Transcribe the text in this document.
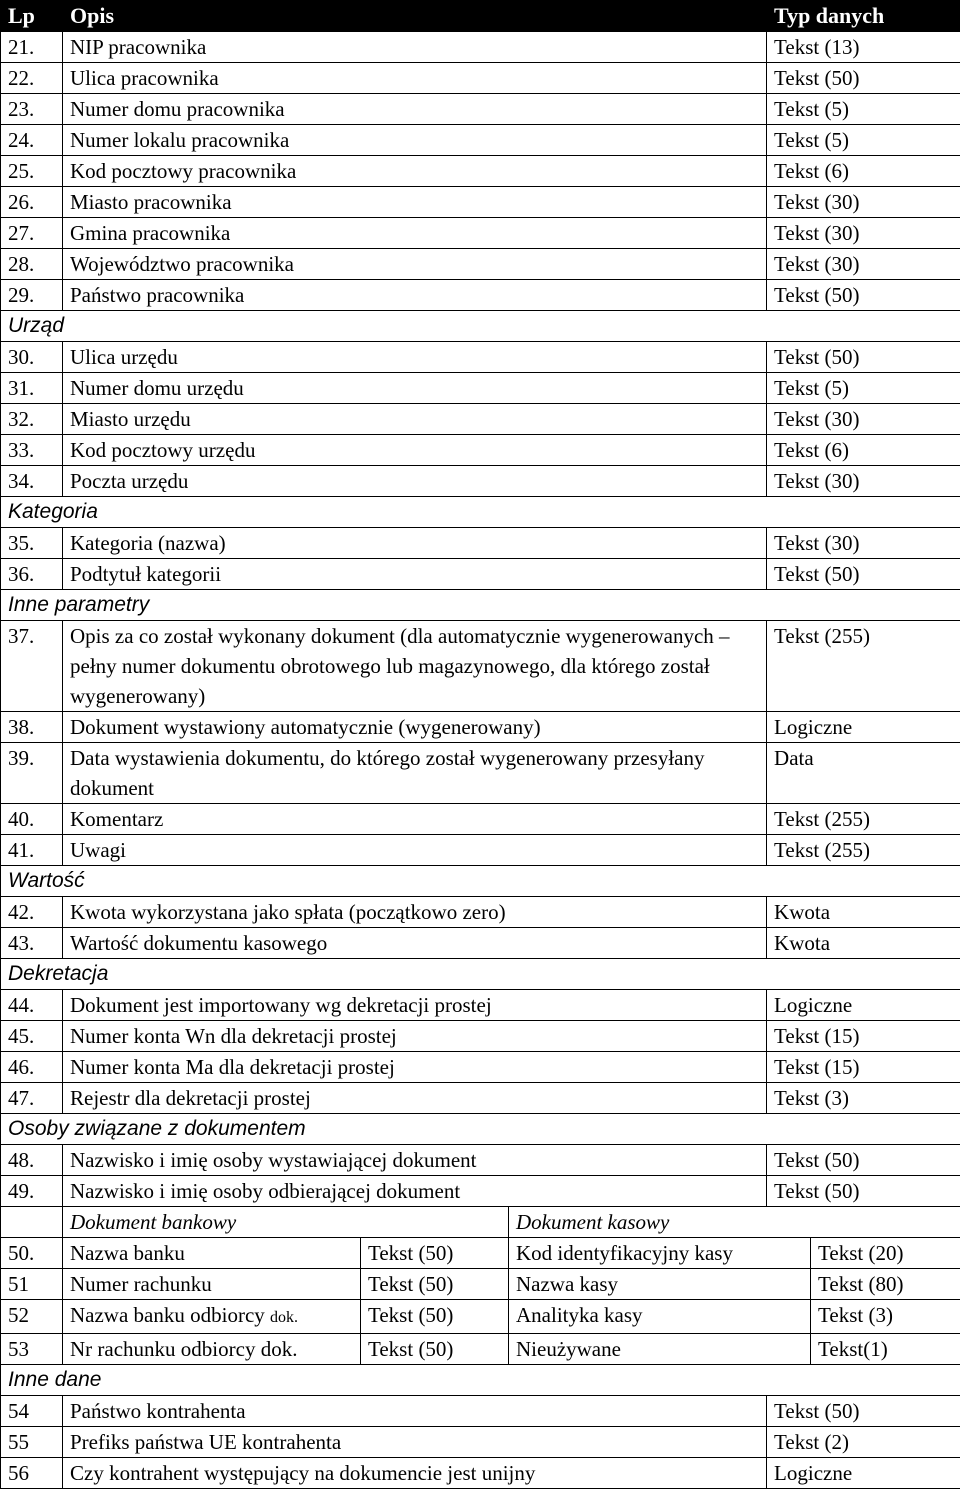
Lp	Opis			Typ danych	
21.	NIP pracownika			Tekst (13)	
22.	Ulica pracownika			Tekst (50)	
23.	Numer domu pracownika			Tekst (5)	
24.	Numer lokalu pracownika			Tekst (5)	
25.	Kod pocztowy pracownika			Tekst (6)	
26.	Miasto pracownika			Tekst (30)	
27.	Gmina pracownika			Tekst (30)	
28.	Województwo pracownika			Tekst (30)	
29.	Państwo pracownika			Tekst (50)	
Urząd					
30.	Ulica urzędu			Tekst (50)	
31.	Numer domu urzędu			Tekst (5)	
32.	Miasto urzędu			Tekst (30)	
33.	Kod pocztowy urzędu			Tekst (6)	
34.	Poczta urzędu			Tekst (30)	
Kategoria					
35.	Kategoria (nazwa)			Tekst (30)	
36.	Podtytuł kategorii			Tekst (50)	
Inne parametry					
37.	Opis za co został wykonany dokument (dla automatycznie wygenerowanych – pełny numer dokumentu obrotowego lub magazynowego, dla którego został wygenerowany)			Tekst (255)	
38.	Dokument wystawiony automatycznie (wygenerowany)			Logiczne	
39.	Data wystawienia dokumentu, do którego został wygenerowany przesyłany dokument			Data	
40.	Komentarz			Tekst (255)	
41.	Uwagi			Tekst (255)	
Wartość					
42.	Kwota wykorzystana jako spłata (początkowo zero)			Kwota	
43.	Wartość dokumentu kasowego			Kwota	
Dekretacja					
44.	Dokument jest importowany wg dekretacji prostej			Logiczne	
45.	Numer konta Wn dla dekretacji prostej			Tekst (15)	
46.	Numer konta Ma dla dekretacji prostej			Tekst (15)	
47.	Rejestr dla dekretacji prostej			Tekst (3)	
Osoby związane z dokumentem					
48.	Nazwisko i imię osoby wystawiającej dokument			Tekst (50)	
49.	Nazwisko i imię osoby odbierającej dokument			Tekst (50)	
	Dokument bankowy		Dokument kasowy		
50.	Nazwa banku	Tekst (50)	Kod identyfikacyjny kasy		Tekst (20)
51	Numer rachunku	Tekst (50)	Nazwa kasy		Tekst (80)
52	Nazwa banku odbiorcy dok.	Tekst (50)	Analityka kasy		Tekst (3)
53	Nr rachunku odbiorcy dok.	Tekst (50)	Nieużywane		Tekst(1)
Inne dane					
54	Państwo kontrahenta			Tekst (50)	
55	Prefiks państwa UE kontrahenta			Tekst (2)	
56	Czy kontrahent występujący na dokumencie jest unijny			Logiczne	
